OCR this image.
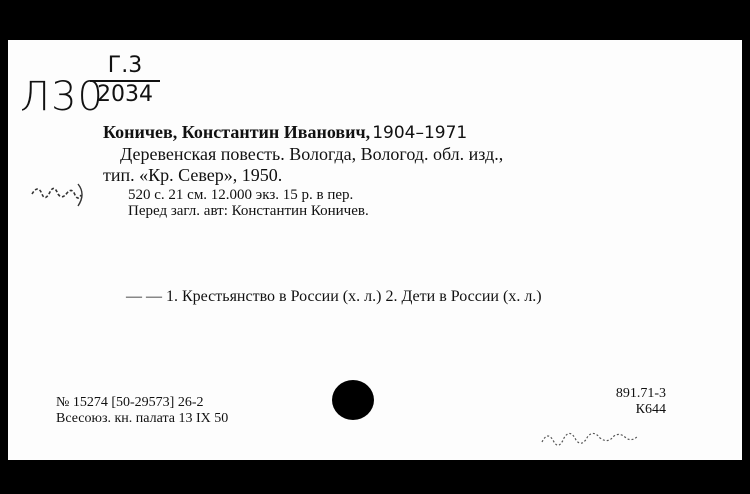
Л30
Г.3
2034
Коничев, Константин Иванович, 1904–1971
Деревенская повесть. Вологда, Вологод. обл. изд.,
тип. «Кр. Север», 1950.
520 с. 21 см. 12.000 экз. 15 р. в пер.
Перед загл. авт: Константин Коничев.
— — 1. Крестьянство в России (х. л.) 2. Дети в России (х. л.)
№ 15274 [50-29573] 26-2
Всесоюз. кн. палата 13 IX 50
891.71-3
К644
